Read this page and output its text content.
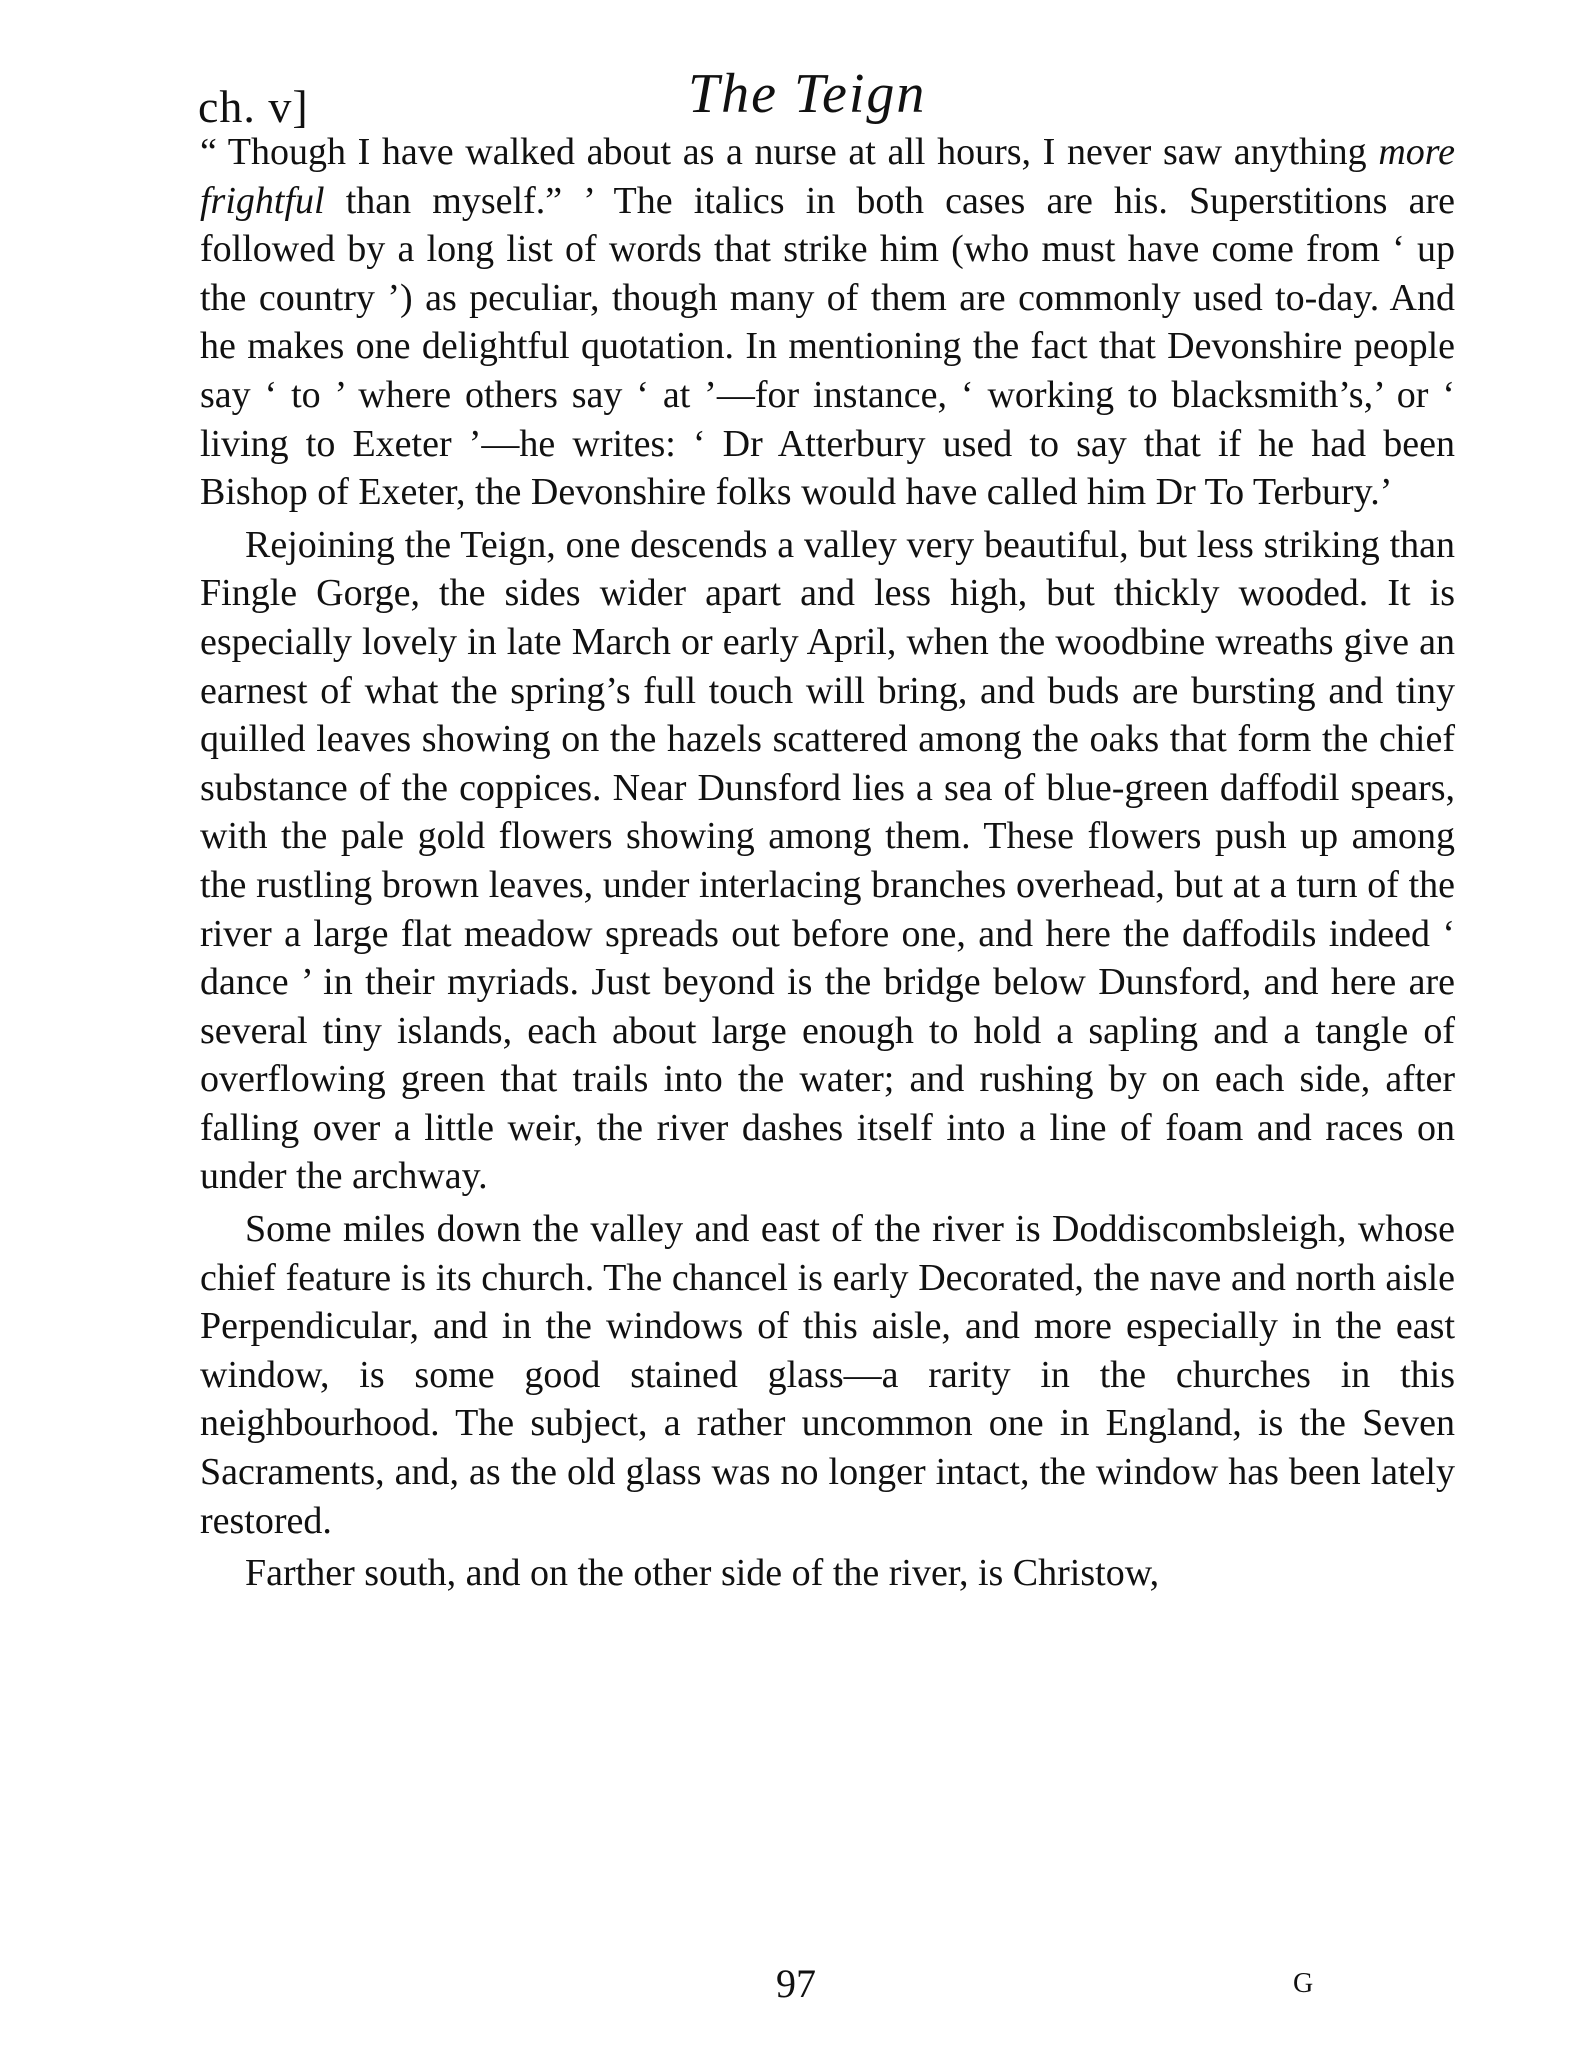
ch. v]	The Teign

“ Though I have walked about as a nurse at all hours, I never saw anything more frightful than myself.” ’ The italics in both cases are his. Superstitions are followed by a long list of words that strike him (who must have come from ‘ up the country ’) as peculiar, though many of them are commonly used to-day. And he makes one delightful quotation. In mentioning the fact that Devonshire people say ‘ to ’ where others say ‘ at ’—for instance, ‘ working to blacksmith’s,’ or ‘ living to Exeter ’—he writes: ‘ Dr Atterbury used to say that if he had been Bishop of Exeter, the Devonshire folks would have called him Dr To Terbury.’

Rejoining the Teign, one descends a valley very beautiful, but less striking than Fingle Gorge, the sides wider apart and less high, but thickly wooded. It is especially lovely in late March or early April, when the woodbine wreaths give an earnest of what the spring’s full touch will bring, and buds are bursting and tiny quilled leaves showing on the hazels scattered among the oaks that form the chief substance of the coppices. Near Dunsford lies a sea of blue-green daffodil spears, with the pale gold flowers showing among them. These flowers push up among the rustling brown leaves, under interlacing branches overhead, but at a turn of the river a large flat meadow spreads out before one, and here the daffodils indeed ‘ dance ’ in their myriads. Just beyond is the bridge below Dunsford, and here are several tiny islands, each about large enough to hold a sapling and a tangle of overflowing green that trails into the water; and rushing by on each side, after falling over a little weir, the river dashes itself into a line of foam and races on under the archway.

Some miles down the valley and east of the river is Doddiscombsleigh, whose chief feature is its church. The chancel is early Decorated, the nave and north aisle Perpendicular, and in the windows of this aisle, and more especially in the east window, is some good stained glass—a rarity in the churches in this neighbourhood. The subject, a rather uncommon one in England, is the Seven Sacraments, and, as the old glass was no longer intact, the window has been lately restored.

Farther south, and on the other side of the river, is Christow,

97	G
